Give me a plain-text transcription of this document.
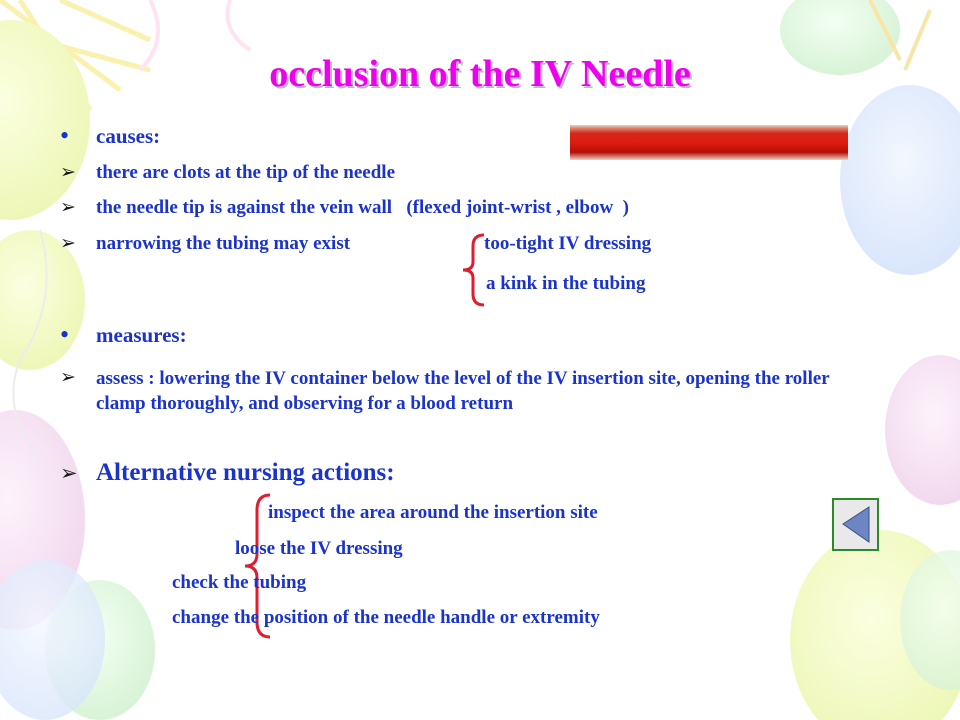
occlusion of the IV Needle
• causes:
➢ there are clots at the tip of the needle
➢ the needle tip is against the vein wall   (flexed joint-wrist , elbow  )
➢ narrowing the tubing may exist	too-tight IV dressing
a kink in the tubing
• measures:
➢ assess : lowering the IV container below the level of the IV insertion site, opening the roller clamp thoroughly, and observing for a blood return
➢ Alternative nursing actions:
inspect the area around the insertion site
loose the IV dressing
check the tubing
change the position of the needle handle or extremity
